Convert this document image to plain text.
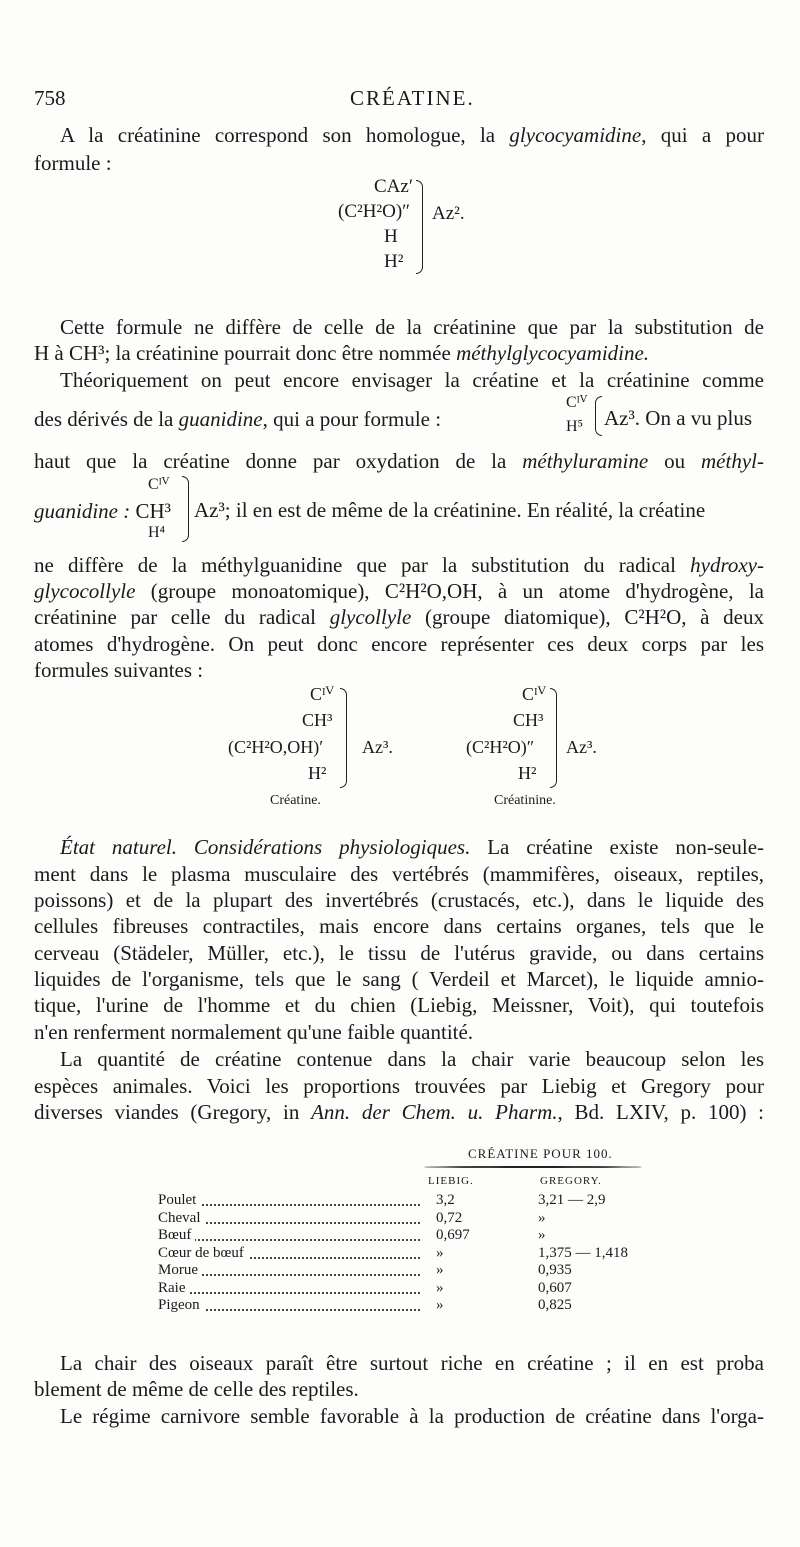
758	CRÉATINE.
A la créatinine correspond son homologue, la glycocyamidine, qui a pour
formule :
CAz′
(C²H²O)″
H
H²
Az².
Cette formule ne diffère de celle de la créatinine que par la substitution de
H à CH³; la créatinine pourrait donc être nommée méthylglycocyamidine.
Théoriquement on peut encore envisager la créatine et la créatinine comme
des dérivés de la guanidine, qui a pour formule :
Cᴵⱽ
H⁵ Az³. On a vu plus
haut que la créatine donne par oxydation de la méthyluramine ou méthyl-
Cᴵⱽ
guanidine : CH³	Az³; il en est de même de la créatinine. En réalité, la créatine
H⁴
ne diffère de la méthylguanidine que par la substitution du radical hydroxy-
glycocollyle (groupe monoatomique), C²H²O,OH, à un atome d'hydrogène, la
créatinine par celle du radical glycollyle (groupe diatomique), C²H²O, à deux
atomes d'hydrogène. On peut donc encore représenter ces deux corps par les
formules suivantes :
Cᴵⱽ
CH³
(C²H²O,OH)′
H²
Az³.
Créatine.
Cᴵⱽ
CH³
(C²H²O)″
H²
Az³.
Créatinine.
État naturel. Considérations physiologiques. La créatine existe non-seule-
ment dans le plasma musculaire des vertébrés (mammifères, oiseaux, reptiles,
poissons) et de la plupart des invertébrés (crustacés, etc.), dans le liquide des
cellules fibreuses contractiles, mais encore dans certains organes, tels que le
cerveau (Städeler, Müller, etc.), le tissu de l'utérus gravide, ou dans certains
liquides de l'organisme, tels que le sang ( Verdeil et Marcet), le liquide amnio-
tique, l'urine de l'homme et du chien (Liebig, Meissner, Voit), qui toutefois
n'en renferment normalement qu'une faible quantité.
La quantité de créatine contenue dans la chair varie beaucoup selon les
espèces animales. Voici les proportions trouvées par Liebig et Gregory pour
diverses viandes (Gregory, in Ann. der Chem. u. Pharm., Bd. LXIV, p. 100) :
CRÉATINE POUR 100.
LIEBIG.	GREGORY.
Poulet	3,2	3,21 — 2,9
Cheval	0,72	»
Bœuf	0,697	»
Cœur de bœuf	»	1,375 — 1,418
Morue	»	0,935
Raie	»	0,607
Pigeon	»	0,825
La chair des oiseaux paraît être surtout riche en créatine ; il en est proba
blement de même de celle des reptiles.
Le régime carnivore semble favorable à la production de créatine dans l'orga-
